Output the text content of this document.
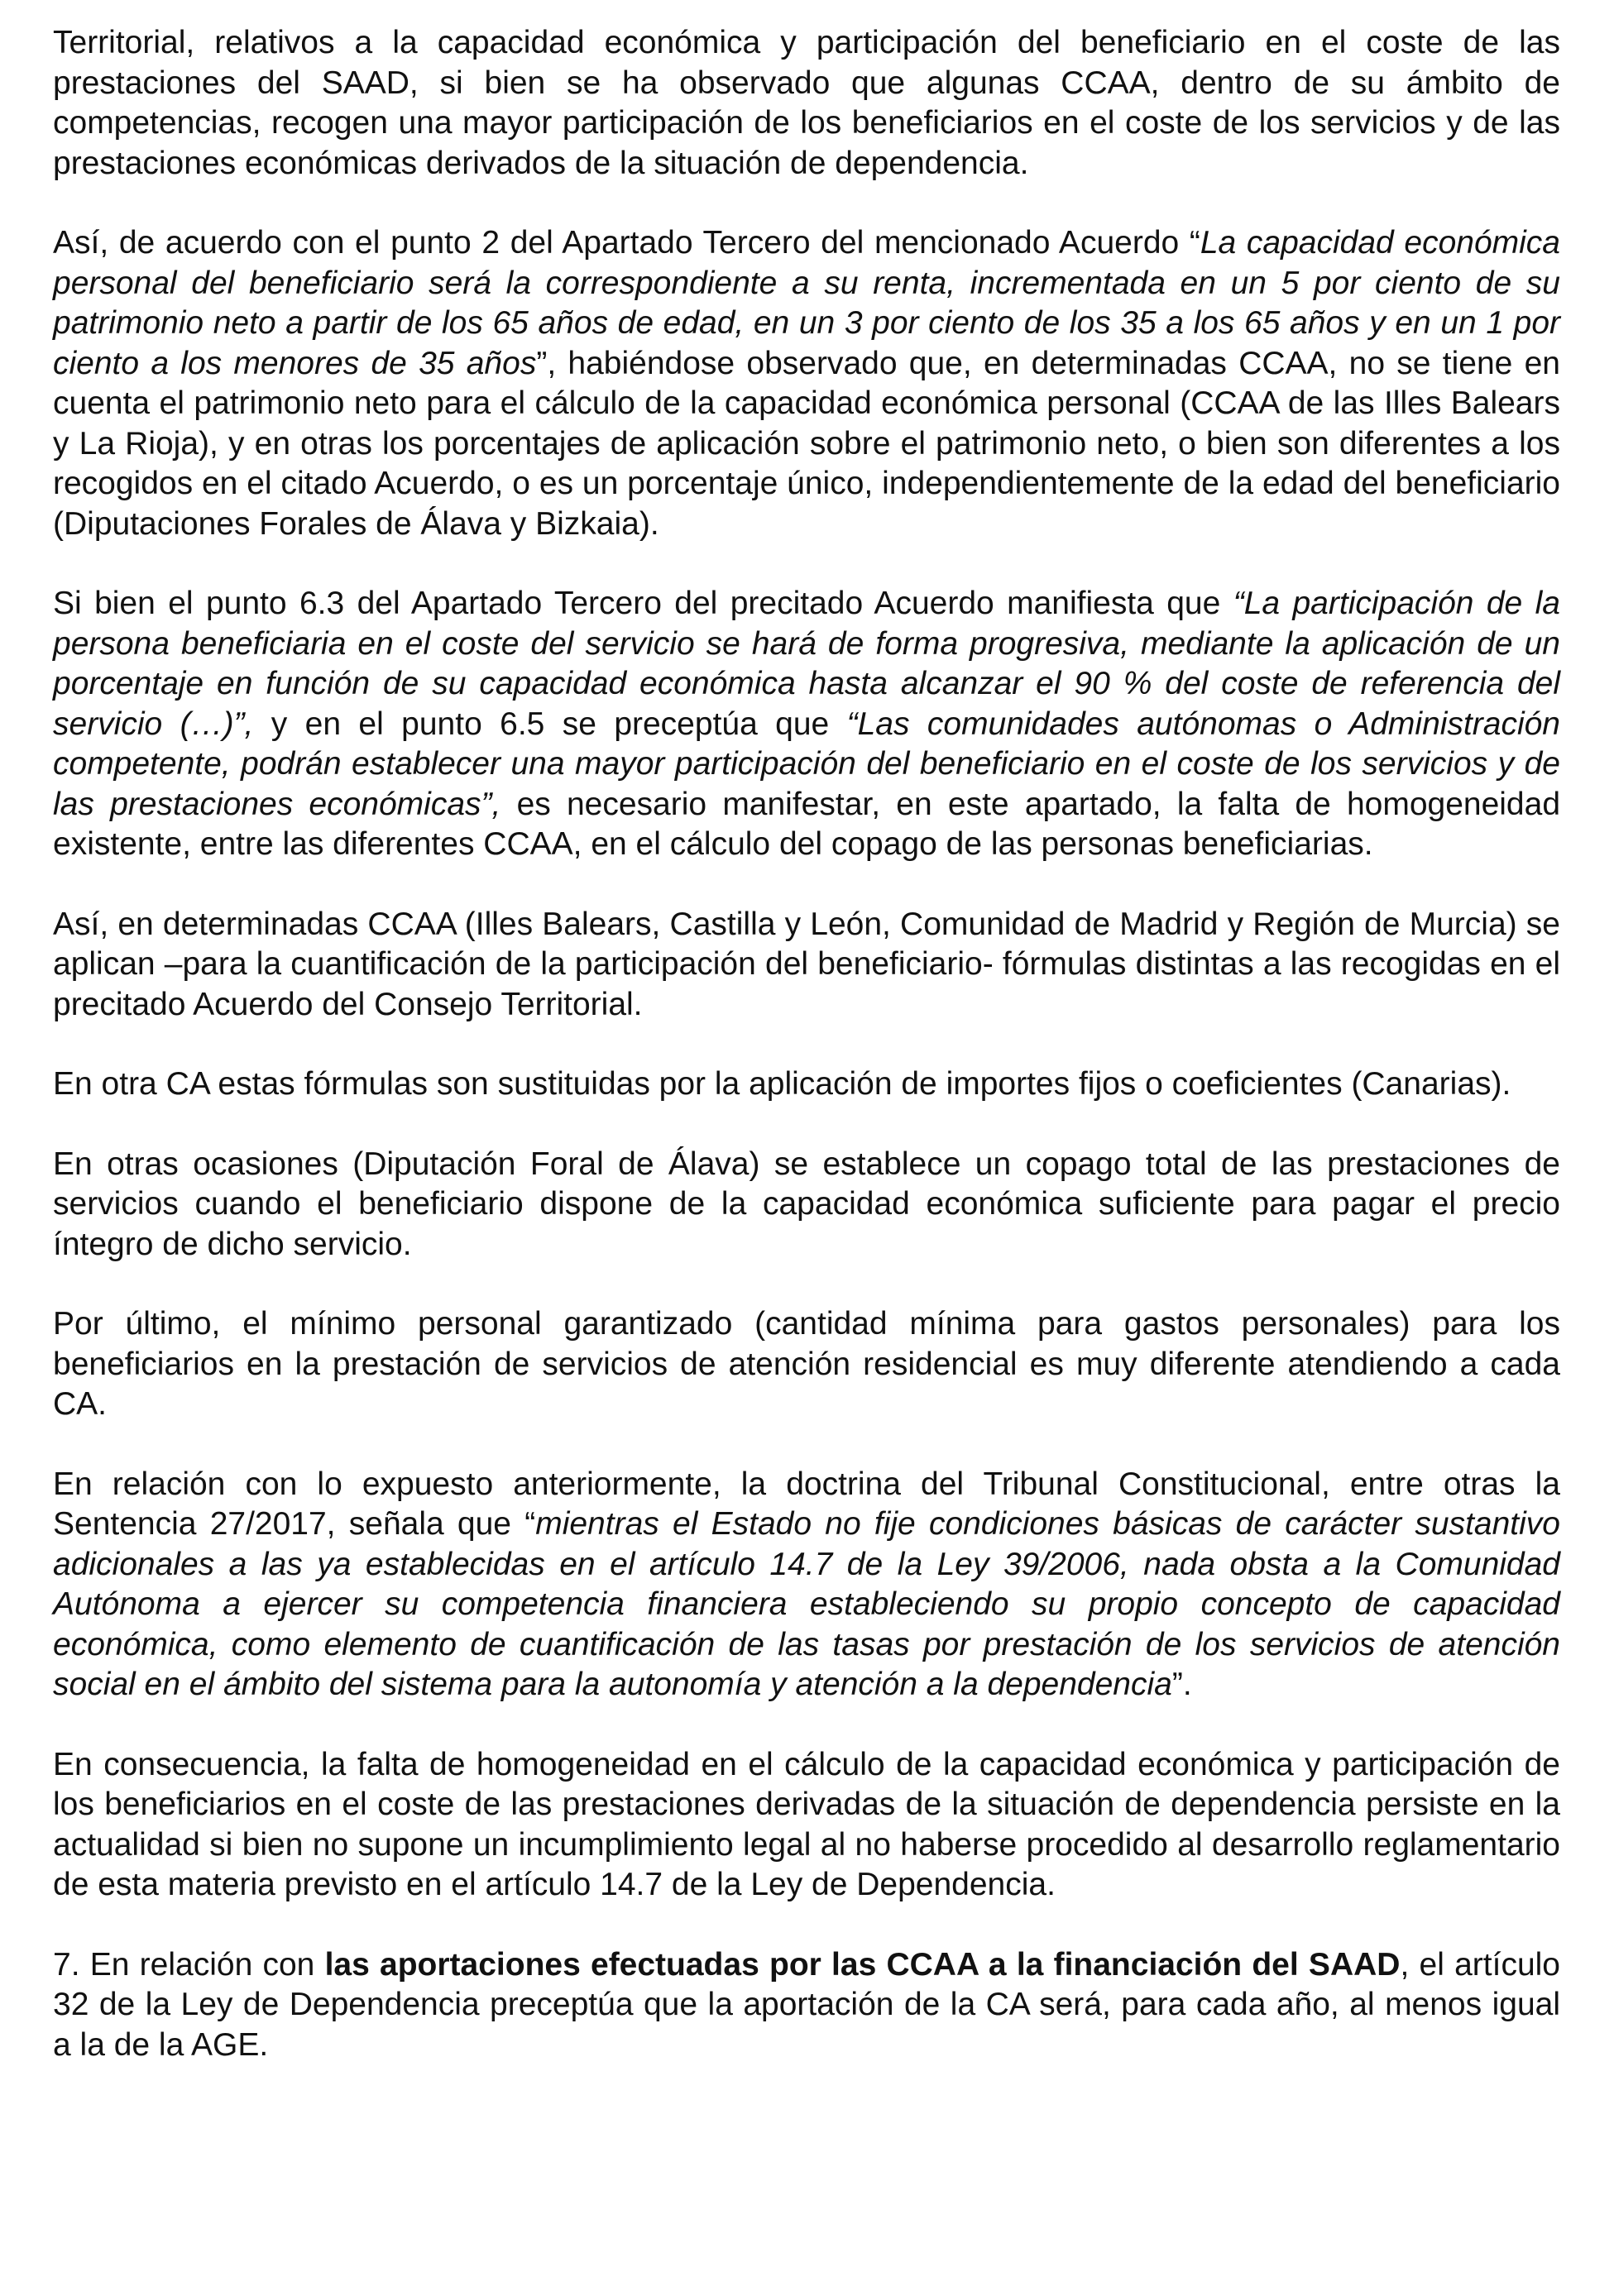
Territorial, relativos a la capacidad económica y participación del beneficiario en el coste de las prestaciones del SAAD, si bien se ha observado que algunas CCAA, dentro de su ámbito de competencias, recogen una mayor participación de los beneficiarios en el coste de los servicios y de las prestaciones económicas derivados de la situación de dependencia.

Así, de acuerdo con el punto 2 del Apartado Tercero del mencionado Acuerdo “La capacidad económica personal del beneficiario será la correspondiente a su renta, incrementada en un 5 por ciento de su patrimonio neto a partir de los 65 años de edad, en un 3 por ciento de los 35 a los 65 años y en un 1 por ciento a los menores de 35 años”, habiéndose observado que, en determinadas CCAA, no se tiene en cuenta el patrimonio neto para el cálculo de la capacidad económica personal (CCAA de las Illes Balears y La Rioja), y en otras los porcentajes de aplicación sobre el patrimonio neto, o bien son diferentes a los recogidos en el citado Acuerdo, o es un porcentaje único, independientemente de la edad del beneficiario (Diputaciones Forales de Álava y Bizkaia).

Si bien el punto 6.3 del Apartado Tercero del precitado Acuerdo manifiesta que “La participación de la persona beneficiaria en el coste del servicio se hará de forma progresiva, mediante la aplicación de un porcentaje en función de su capacidad económica hasta alcanzar el 90 % del coste de referencia del servicio (…)”, y en el punto 6.5 se preceptúa que “Las comunidades autónomas o Administración competente, podrán establecer una mayor participación del beneficiario en el coste de los servicios y de las prestaciones económicas”, es necesario manifestar, en este apartado, la falta de homogeneidad existente, entre las diferentes CCAA, en el cálculo del copago de las personas beneficiarias.

Así, en determinadas CCAA (Illes Balears, Castilla y León, Comunidad de Madrid y Región de Murcia) se aplican –para la cuantificación de la participación del beneficiario- fórmulas distintas a las recogidas en el precitado Acuerdo del Consejo Territorial.

En otra CA estas fórmulas son sustituidas por la aplicación de importes fijos o coeficientes (Canarias).

En otras ocasiones (Diputación Foral de Álava) se establece un copago total de las prestaciones de servicios cuando el beneficiario dispone de la capacidad económica suficiente para pagar el precio íntegro de dicho servicio.

Por último, el mínimo personal garantizado (cantidad mínima para gastos personales) para los beneficiarios en la prestación de servicios de atención residencial es muy diferente atendiendo a cada CA.

En relación con lo expuesto anteriormente, la doctrina del Tribunal Constitucional, entre otras la Sentencia 27/2017, señala que “mientras el Estado no fije condiciones básicas de carácter sustantivo adicionales a las ya establecidas en el artículo 14.7 de la Ley 39/2006, nada obsta a la Comunidad Autónoma a ejercer su competencia financiera estableciendo su propio concepto de capacidad económica, como elemento de cuantificación de las tasas por prestación de los servicios de atención social en el ámbito del sistema para la autonomía y atención a la dependencia”.

En consecuencia, la falta de homogeneidad en el cálculo de la capacidad económica y participación de los beneficiarios en el coste de las prestaciones derivadas de la situación de dependencia persiste en la actualidad si bien no supone un incumplimiento legal al no haberse procedido al desarrollo reglamentario de esta materia previsto en el artículo 14.7 de la Ley de Dependencia.

7. En relación con las aportaciones efectuadas por las CCAA a la financiación del SAAD, el artículo 32 de la Ley de Dependencia preceptúa que la aportación de la CA será, para cada año, al menos igual a la de la AGE.
